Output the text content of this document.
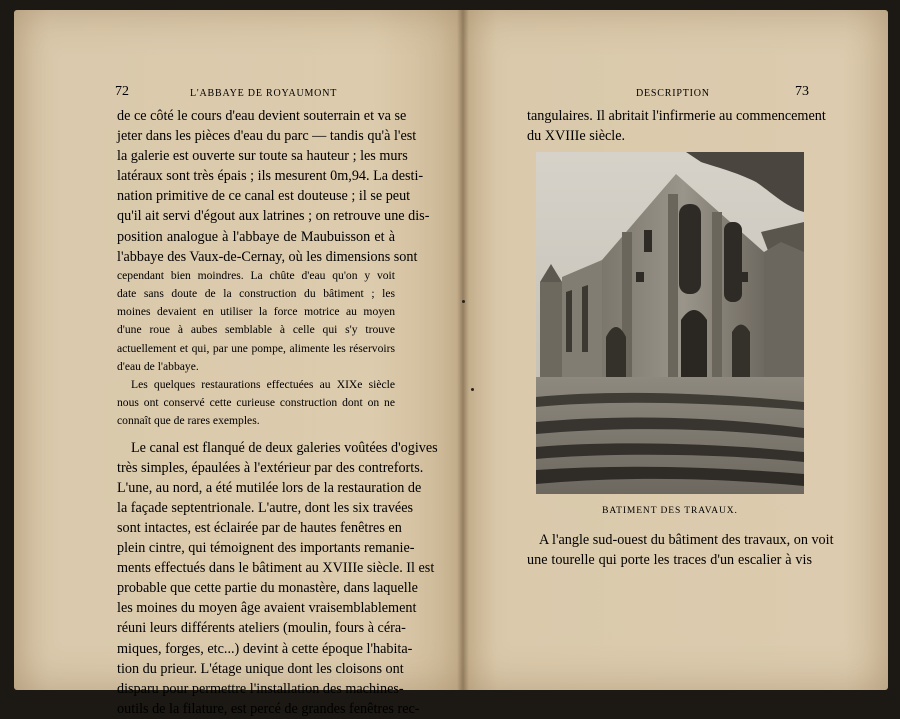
72	L'ABBAYE DE ROYAUMONT
de ce côté le cours d'eau devient souterrain et va se
jeter dans les pièces d'eau du parc — tandis qu'à l'est
la galerie est ouverte sur toute sa hauteur ; les murs
latéraux sont très épais ; ils mesurent 0m,94. La desti-
nation primitive de ce canal est douteuse ; il se peut
qu'il ait servi d'égout aux latrines ; on retrouve une dis-
position analogue à l'abbaye de Maubuisson et à
l'abbaye des Vaux-de-Cernay, où les dimensions sont
cependant bien moindres. La chûte d'eau qu'on y voit
date sans doute de la construction du bâtiment ; les
moines devaient en utiliser la force motrice au moyen
d'une roue à aubes semblable à celle qui s'y trouve
actuellement et qui, par une pompe, alimente les réservoirs
d'eau de l'abbaye.
Les quelques restaurations effectuées au XIXe siècle
nous ont conservé cette curieuse construction dont on ne
connaît que de rares exemples.
Le canal est flanqué de deux galeries voûtées d'ogives
très simples, épaulées à l'extérieur par des contreforts.
L'une, au nord, a été mutilée lors de la restauration de
la façade septentrionale. L'autre, dont les six travées
sont intactes, est éclairée par de hautes fenêtres en
plein cintre, qui témoignent des importants remanie-
ments effectués dans le bâtiment au XVIIIe siècle. Il est
probable que cette partie du monastère, dans laquelle
les moines du moyen âge avaient vraisemblablement
réuni leurs différents ateliers (moulin, fours à céra-
miques, forges, etc...) devint à cette époque l'habita-
tion du prieur. L'étage unique dont les cloisons ont
disparu pour permettre l'installation des machines-
outils de la filature, est percé de grandes fenêtres rec-
DESCRIPTION	73
tangulaires. Il abritait l'infirmerie au commencement
du XVIIIe siècle.
BATIMENT DES TRAVAUX.
A l'angle sud-ouest du bâtiment des travaux, on voit
une tourelle qui porte les traces d'un escalier à vis
